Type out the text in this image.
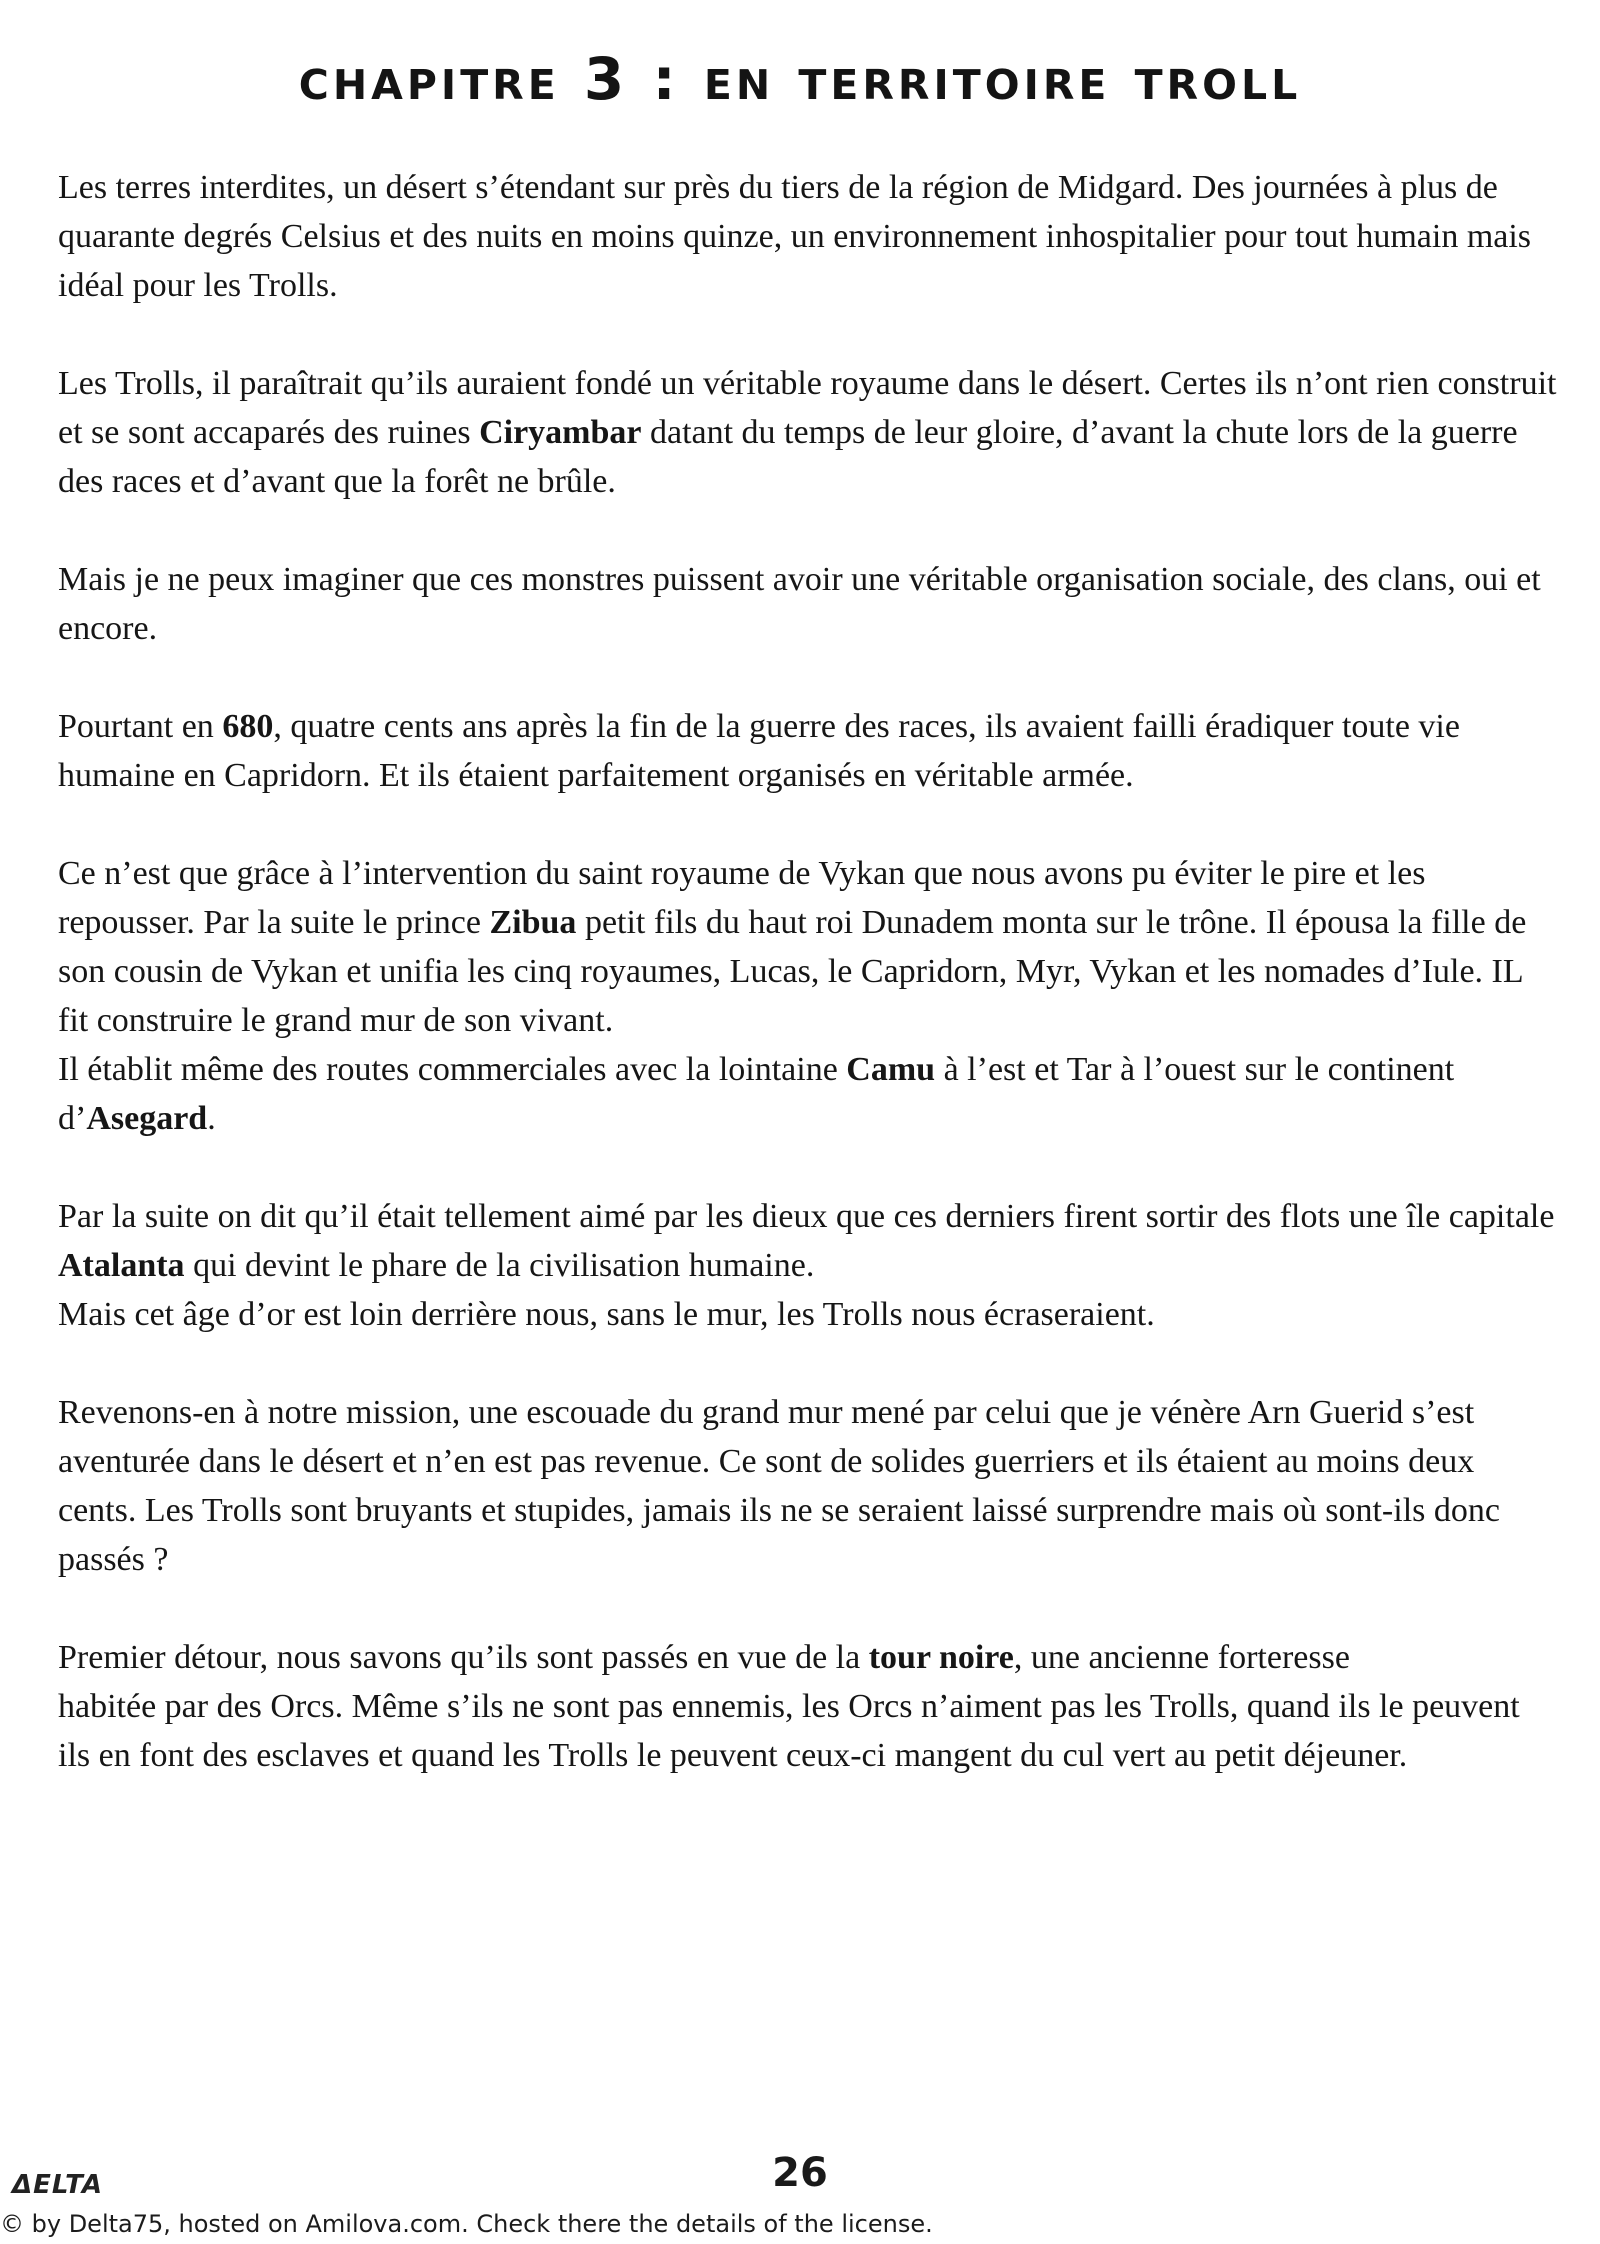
chapitre 3 : en territoire troll

Les terres interdites, un désert s’étendant sur près du tiers de la région de Midgard. Des journées à plus de quarante degrés Celsius et des nuits en moins quinze, un environnement inhospitalier pour tout humain mais idéal pour les Trolls.

Les Trolls, il paraîtrait qu’ils auraient fondé un véritable royaume dans le désert. Certes ils n’ont rien construit et se sont accaparés des ruines Ciryambar datant du temps de leur gloire, d’avant la chute lors de la guerre des races et d’avant que la forêt ne brûle.

Mais je ne peux imaginer que ces monstres puissent avoir une véritable organisation sociale, des clans, oui et encore.

Pourtant en 680, quatre cents ans après la fin de la guerre des races, ils avaient failli éradiquer toute vie humaine en Capridorn. Et ils étaient parfaitement organisés en véritable armée.

Ce n’est que grâce à l’intervention du saint royaume de Vykan que nous avons pu éviter le pire et les repousser. Par la suite le prince Zibua petit fils du haut roi Dunadem monta sur le trône. Il épousa la fille de son cousin de Vykan et unifia les cinq royaumes, Lucas, le Capridorn, Myr, Vykan et les nomades d’Iule. IL fit construire le grand mur de son vivant.

Il établit même des routes commerciales avec la lointaine Camu à l’est et Tar à l’ouest sur le continent d’Asegard.

Par la suite on dit qu’il était tellement aimé par les dieux que ces derniers firent sortir des flots une île capitale Atalanta qui devint le phare de la civilisation humaine.

Mais cet âge d’or est loin derrière nous, sans le mur, les Trolls nous écraseraient.

Revenons-en à notre mission, une escouade du grand mur mené par celui que je vénère Arn Guerid s’est aventurée dans le désert et n’en est pas revenue. Ce sont de solides guerriers et ils étaient au moins deux cents. Les Trolls sont bruyants et stupides, jamais ils ne se seraient laissé surprendre mais où sont-ils donc passés ?

Premier détour, nous savons qu’ils sont passés en vue de la tour noire, une ancienne forteresse  habitée par des Orcs. Même s’ils ne sont pas ennemis, les Orcs n’aiment pas les Trolls, quand ils le peuvent ils en font des esclaves et quand les Trolls le peuvent ceux-ci mangent du cul vert au petit déjeuner.

26
ΔELTA
© by Delta75, hosted on Amilova.com. Check there the details of the license.
